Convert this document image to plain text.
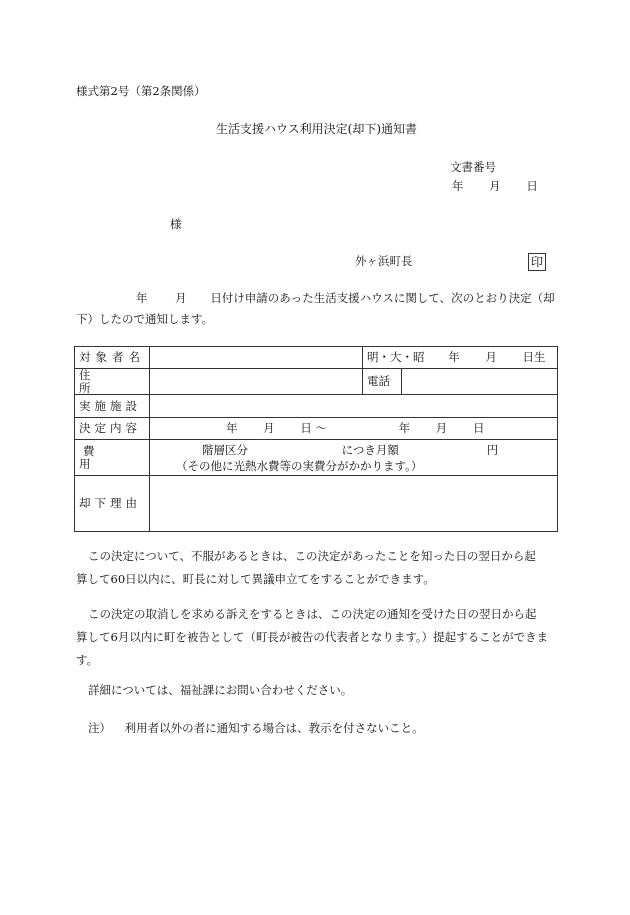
様式第2号（第2条関係）
生活支援ハウス利用決定(却下)通知書
文書番号
年 月 日
様
外ヶ浜町長	印
年 月 日付け申請のあった生活支援ハウスに関して、次のとおり決定（却
下）したので通知します。
対象者名		明・大・昭 年 月 日生	

住所		電話	
実施施設			
決定内容	年 月 日 〜 年 月 日		
費用	階層区分 につき月額 円
（その他に光熱水費等の実費分がかかります。）		

却下理由			
この決定について、不服があるときは、この決定があったことを知った日の翌日から起
算して60日以内に、町長に対して異議申立てをすることができます。
この決定の取消しを求める訴えをするときは、この決定の通知を受けた日の翌日から起
算して6月以内に町を被告として（町長が被告の代表者となります。）提起することができま
す。
詳細については、福祉課にお問い合わせください。
注） 利用者以外の者に通知する場合は、教示を付さないこと。
